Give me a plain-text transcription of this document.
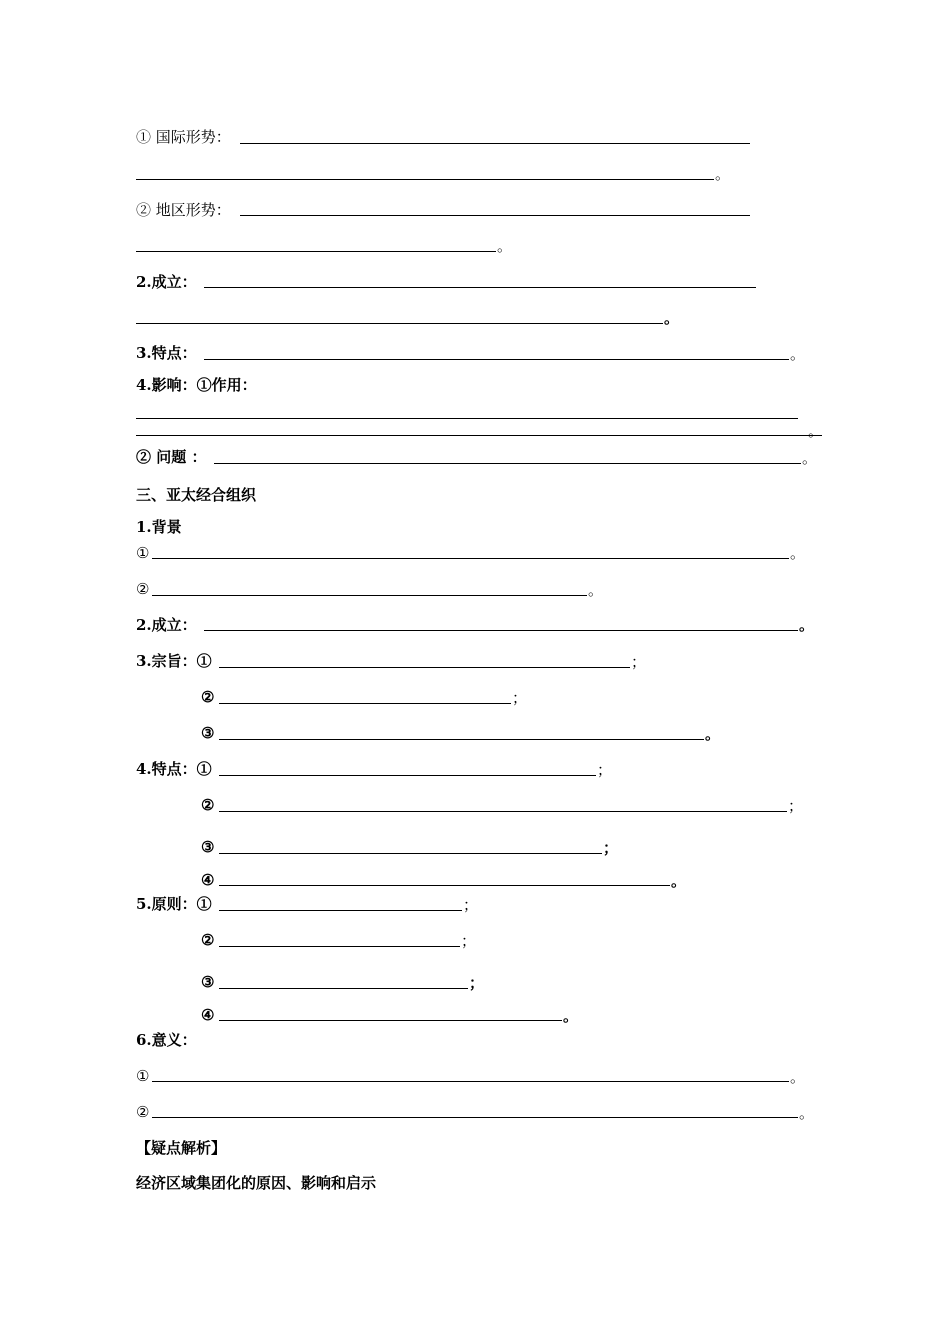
① 国际形势：
。
② 地区形势：
。
2.成立：
。
3.特点：	。
4.影响：①作用：
。
② 问题 ：	。
三、亚太经合组织
1.背景
①	。
②	。
2.成立：	。
3.宗旨：①	；
②	；
③	。
4.特点：①	；
②	；
③	；
④	。
5.原则：①	；
②	；
③	；
④	。
6.意义：
①	。
②	。
【疑点解析】
经济区域集团化的原因、影响和启示
